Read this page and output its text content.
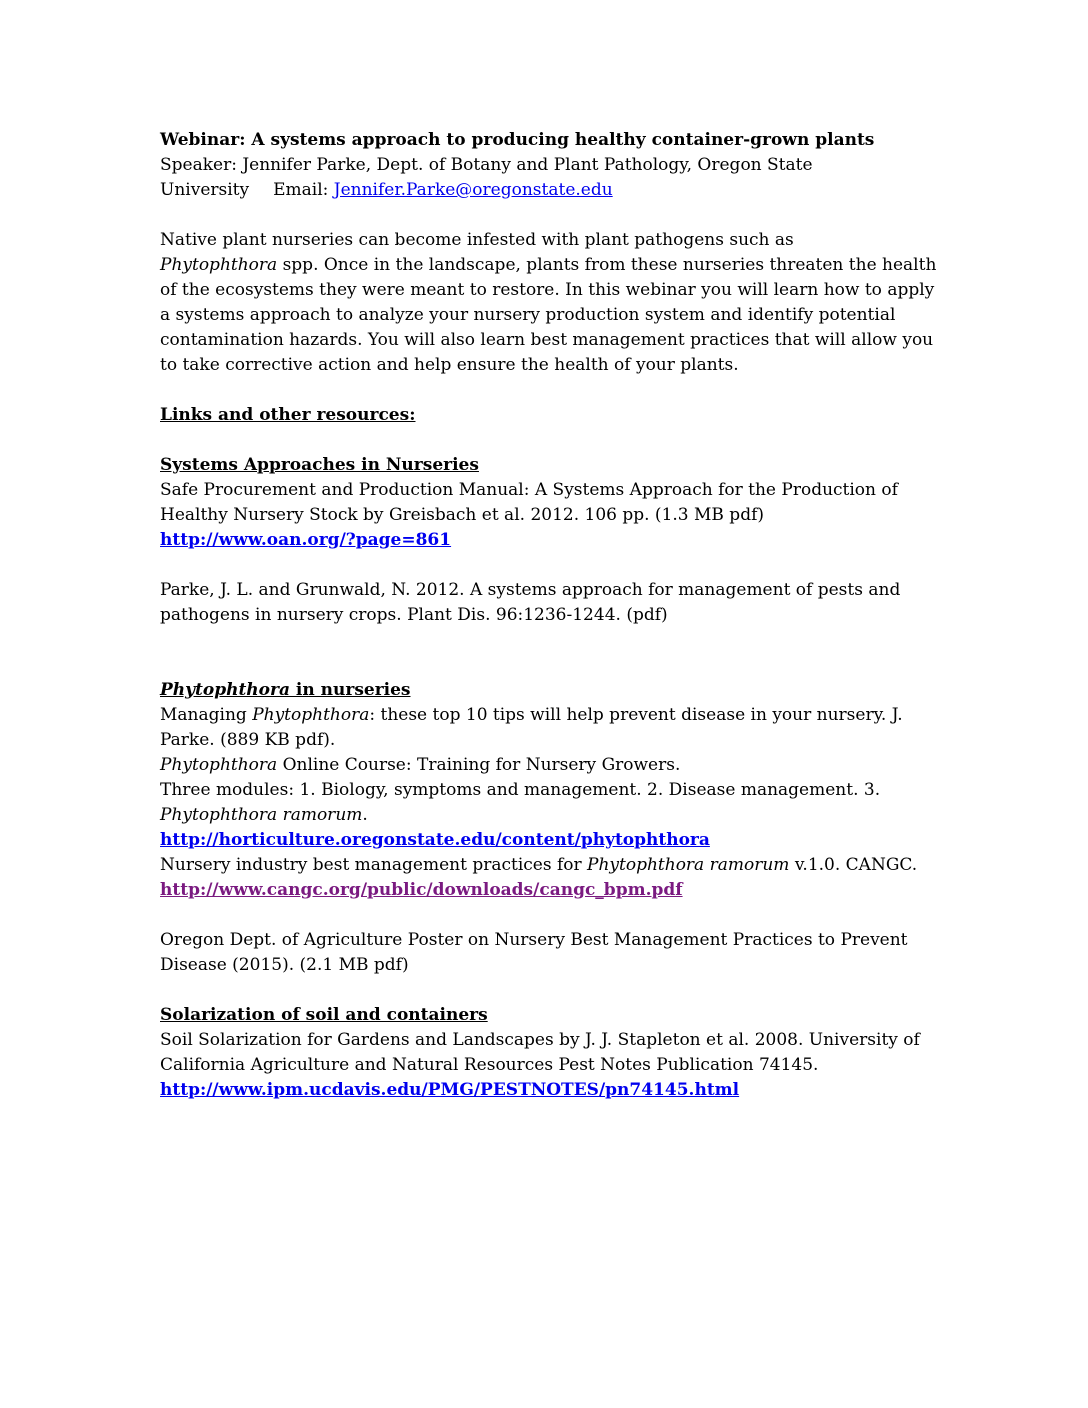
Webinar: A systems approach to producing healthy container-grown plants

Speaker: Jennifer Parke, Dept. of Botany and Plant Pathology, Oregon State
University Email: Jennifer.Parke@oregonstate.edu

Native plant nurseries can become infested with plant pathogens such as
Phytophthora spp. Once in the landscape, plants from these nurseries threaten the health of the ecosystems they were meant to restore. In this webinar you will learn how to apply a systems approach to analyze your nursery production system and identify potential contamination hazards. You will also learn best management practices that will allow you to take corrective action and help ensure the health of your plants.

Links and other resources:

Systems Approaches in Nurseries

Safe Procurement and Production Manual: A Systems Approach for the Production of Healthy Nursery Stock by Greisbach et al. 2012. 106 pp. (1.3 MB pdf)
http://www.oan.org/?page=861

Parke, J. L. and Grunwald, N. 2012. A systems approach for management of pests and pathogens in nursery crops. Plant Dis. 96:1236-1244. (pdf)

Phytophthora in nurseries

Managing Phytophthora: these top 10 tips will help prevent disease in your nursery. J. Parke. (889 KB pdf).

Phytophthora Online Course: Training for Nursery Growers.
Three modules: 1. Biology, symptoms and management. 2. Disease management. 3.
Phytophthora ramorum.
http://horticulture.oregonstate.edu/content/phytophthora
Nursery industry best management practices for Phytophthora ramorum v.1.0. CANGC.
http://www.cangc.org/public/downloads/cangc_bpm.pdf

Oregon Dept. of Agriculture Poster on Nursery Best Management Practices to Prevent Disease (2015). (2.1 MB pdf)

Solarization of soil and containers

Soil Solarization for Gardens and Landscapes by J. J. Stapleton et al. 2008. University of California Agriculture and Natural Resources Pest Notes Publication 74145.
http://www.ipm.ucdavis.edu/PMG/PESTNOTES/pn74145.html
